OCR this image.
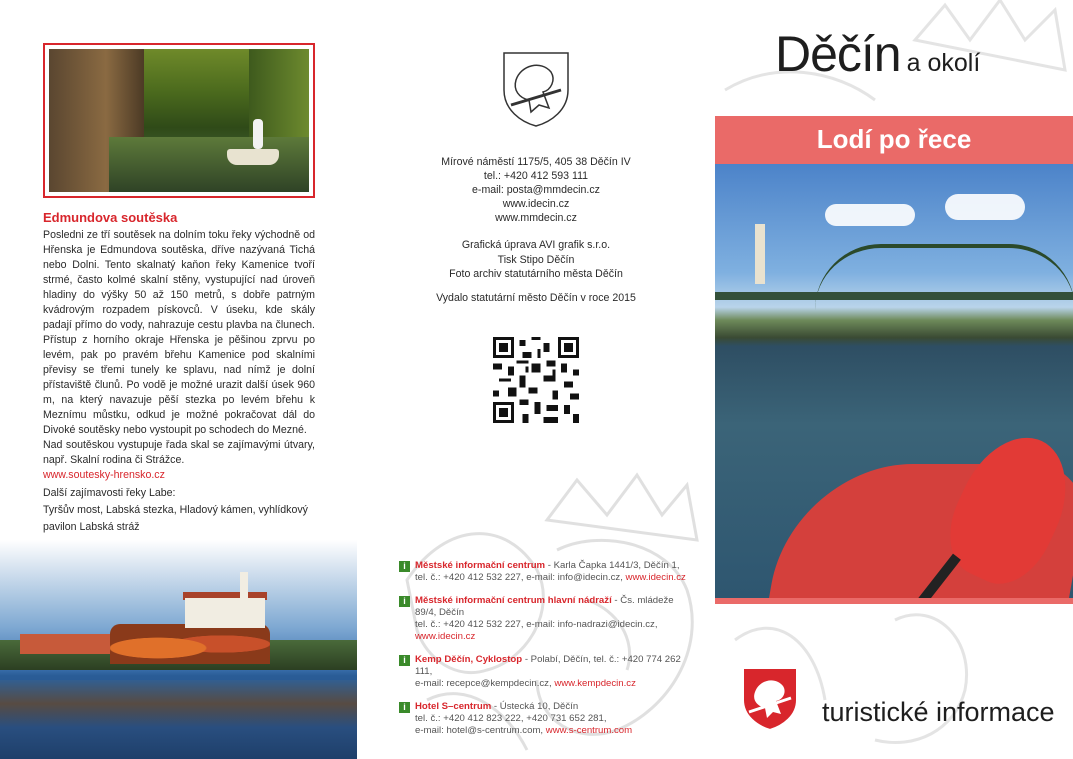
Edmundova soutěska

Posledni ze tří soutěsek na dolním toku řeky východně od Hřenska je Edmundova soutěska, dříve nazývaná Tichá nebo Dolni. Tento skalnatý kaňon řeky Kamenice tvoří strmé, často kolmé skalní stěny, vystupující nad úroveň hladiny do výšky 50 až 150 metrů, s dobře patrným kvádrovým rozpadem pískovců. V úseku, kde skály padají přímo do vody, nahrazuje cestu plavba na člunech. Přístup z horního okraje Hřenska je pěšinou zprvu po levém, pak po pravém břehu Kamenice pod skalními převisy se třemi tunely ke splavu, nad nímž je dolní přístaviště člunů. Po vodě je možné urazit další úsek 960 m, na který navazuje pěší stezka po levém břehu k Meznímu můstku, odkud je možné pokračovat dál do Divoké soutěsky nebo vystoupit po schodech do Mezné.

Nad soutěskou vystupuje řada skal se zajímavými útvary, např. Skalní rodina či Strážce.

www.soutesky-hrensko.cz

Další zajímavosti řeky Labe:

Tyršův most, Labská stezka, Hladový kámen, vyhlídkový pavilon Labská stráž

Mírové náměstí 1175/5, 405 38 Děčín IV

tel.: +420 412 593 111

e-mail: posta@mmdecin.cz

www.idecin.cz

www.mmdecin.cz

Grafická úprava AVI grafik s.r.o.

Tisk Stipo Děčín

Foto archiv statutárního města Děčín

Vydalo statutární město Děčín v roce 2015
i Městské informační centrum - Karla Čapka 1441/3, Děčín 1,
tel. č.: +420 412 532 227, e-mail: info@idecin.cz, www.idecin.cz
i Městské informační centrum hlavní nádraží - Čs. mládeže 89/4, Děčín
tel. č.: +420 412 532 227, e-mail: info-nadrazi@idecin.cz, www.idecin.cz
i Kemp Děčín, Cyklostop - Polabí, Děčín, tel. č.: +420 774 262 111,
e-mail: recepce@kempdecin.cz, www.kempdecin.cz
i Hotel S–centrum - Ústecká 10, Děčín
tel. č.: +420 412 823 222, +420 731 652 281,
e-mail: hotel@s-centrum.com, www.s-centrum.com
Děčín a okolí
Lodí po řece
turistické informace
